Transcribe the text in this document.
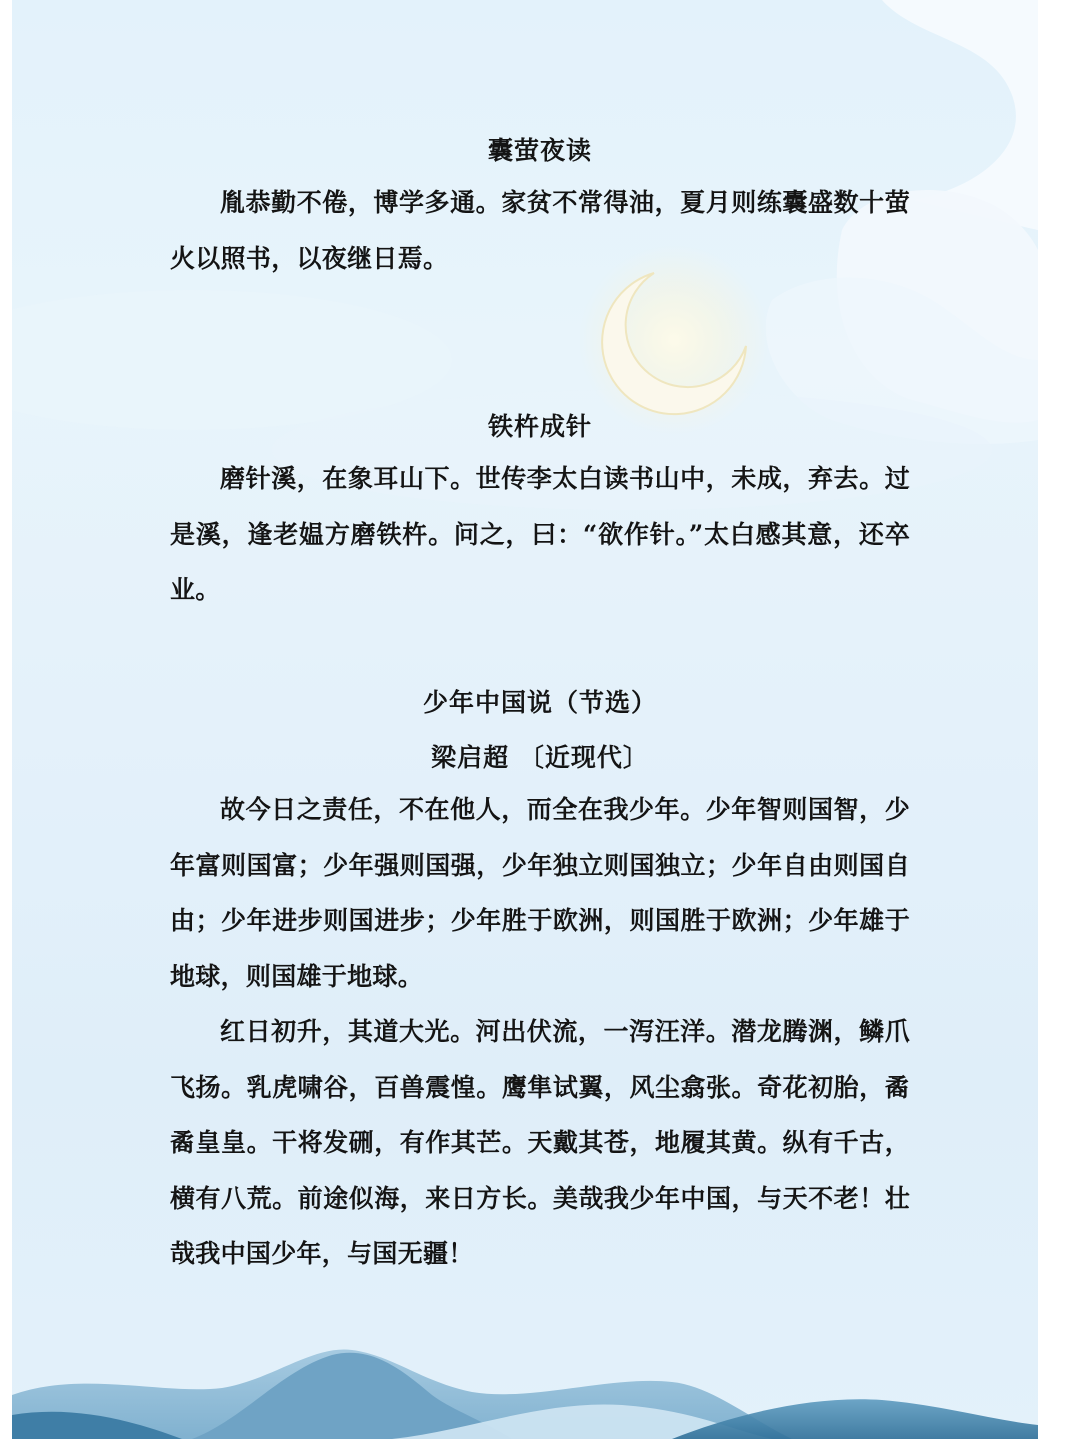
囊萤夜读

胤恭勤不倦，博学多通。家贫不常得油，夏月则练囊盛数十萤火以照书，以夜继日焉。

铁杵成针

磨针溪，在象耳山下。世传李太白读书山中，未成，弃去。过是溪，逢老媪方磨铁杵。问之，曰：“欲作针。”太白感其意，还卒业。

少年中国说（节选）
梁启超 〔近现代〕

故今日之责任，不在他人，而全在我少年。少年智则国智，少年富则国富；少年强则国强，少年独立则国独立；少年自由则国自由；少年进步则国进步；少年胜于欧洲，则国胜于欧洲；少年雄于地球，则国雄于地球。

红日初升，其道大光。河出伏流，一泻汪洋。潜龙腾渊，鳞爪飞扬。乳虎啸谷，百兽震惶。鹰隼试翼，风尘翕张。奇花初胎，矞矞皇皇。干将发硎，有作其芒。天戴其苍，地履其黄。纵有千古，横有八荒。前途似海，来日方长。美哉我少年中国，与天不老！壮哉我中国少年，与国无疆！
